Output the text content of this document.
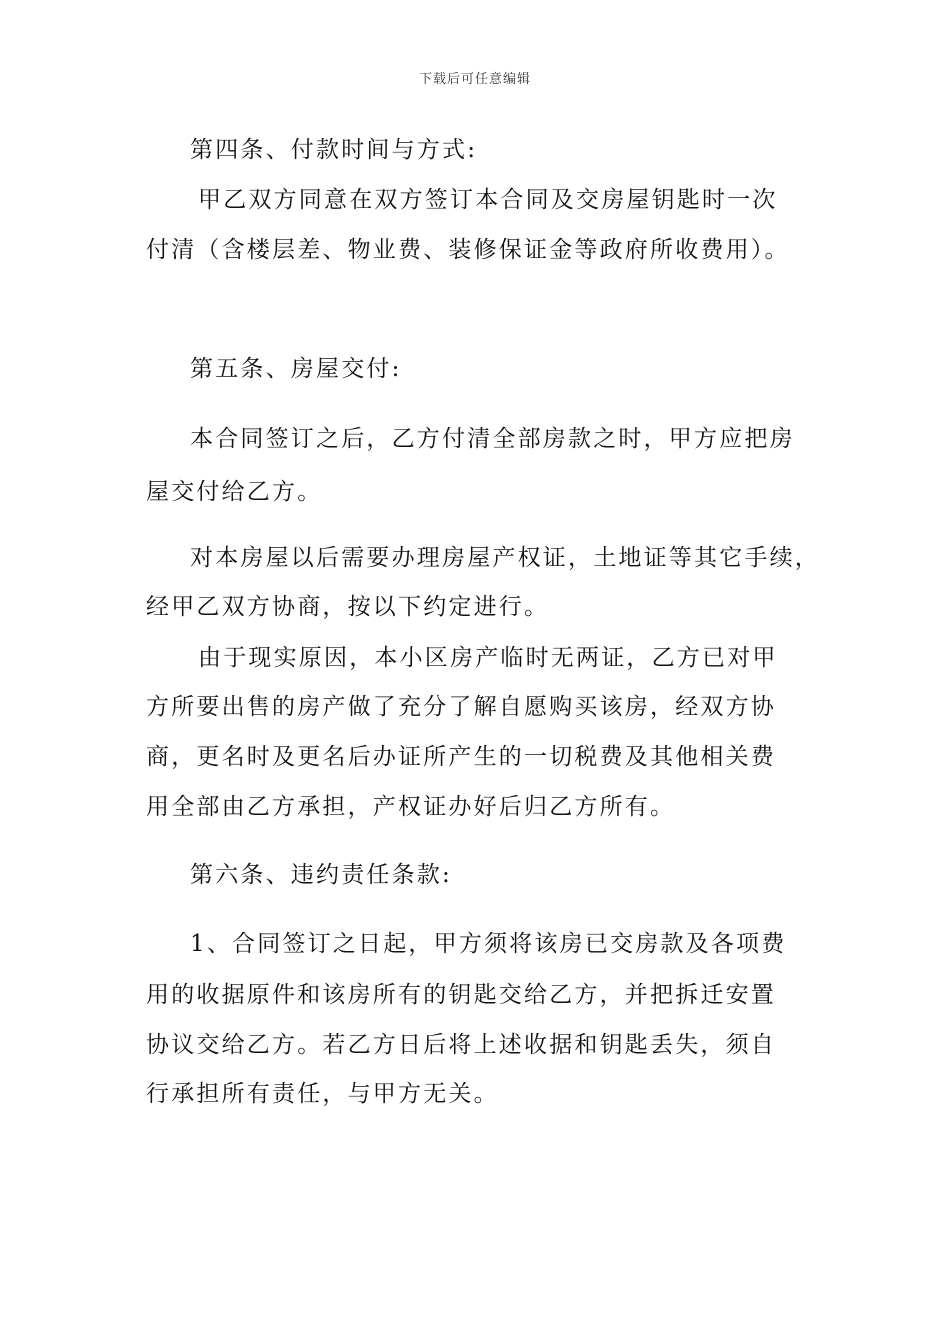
下载后可任意编辑
第四条、付款时间与方式:
甲乙双方同意在双方签订本合同及交房屋钥匙时一次
付清（含楼层差、物业费、装修保证金等政府所收费用）。
第五条、房屋交付:
本合同签订之后，乙方付清全部房款之时，甲方应把房
屋交付给乙方。
对本房屋以后需要办理房屋产权证，土地证等其它手续，
经甲乙双方协商，按以下约定进行。
由于现实原因，本小区房产临时无两证，乙方已对甲
方所要出售的房产做了充分了解自愿购买该房，经双方协
商，更名时及更名后办证所产生的一切税费及其他相关费
用全部由乙方承担，产权证办好后归乙方所有。
第六条、违约责任条款:
1、合同签订之日起，甲方须将该房已交房款及各项费
用的收据原件和该房所有的钥匙交给乙方，并把拆迁安置
协议交给乙方。若乙方日后将上述收据和钥匙丢失，须自
行承担所有责任，与甲方无关。
